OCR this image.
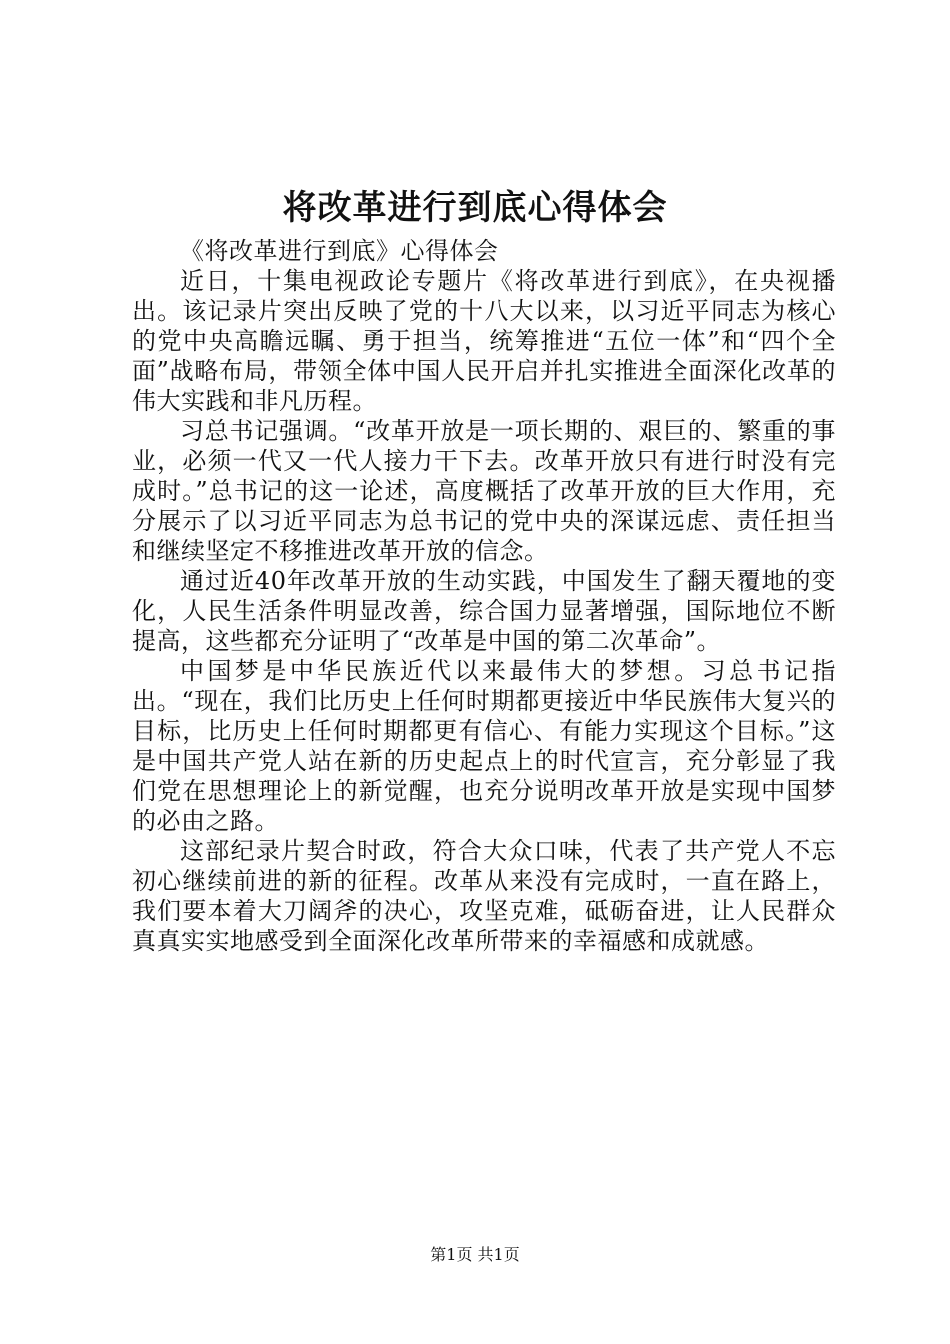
将改革进行到底心得体会

《将改革进行到底》心得体会

近日，十集电视政论专题片《将改革进行到底》，在央视播出。该记录片突出反映了党的十八大以来，以习近平同志为核心的党中央高瞻远瞩、勇于担当，统筹推进“五位一体”和“四个全面”战略布局，带领全体中国人民开启并扎实推进全面深化改革的伟大实践和非凡历程。

习总书记强调。“改革开放是一项长期的、艰巨的、繁重的事业，必须一代又一代人接力干下去。改革开放只有进行时没有完成时。”总书记的这一论述，高度概括了改革开放的巨大作用，充分展示了以习近平同志为总书记的党中央的深谋远虑、责任担当和继续坚定不移推进改革开放的信念。

通过近40年改革开放的生动实践，中国发生了翻天覆地的变化，人民生活条件明显改善，综合国力显著增强，国际地位不断提高，这些都充分证明了“改革是中国的第二次革命”。

中国梦是中华民族近代以来最伟大的梦想。习总书记指出。“现在，我们比历史上任何时期都更接近中华民族伟大复兴的目标，比历史上任何时期都更有信心、有能力实现这个目标。”这是中国共产党人站在新的历史起点上的时代宣言，充分彰显了我们党在思想理论上的新觉醒，也充分说明改革开放是实现中国梦的必由之路。

这部纪录片契合时政，符合大众口味，代表了共产党人不忘初心继续前进的新的征程。改革从来没有完成时，一直在路上，我们要本着大刀阔斧的决心，攻坚克难，砥砺奋进，让人民群众真真实实地感受到全面深化改革所带来的幸福感和成就感。

第1页 共1页
